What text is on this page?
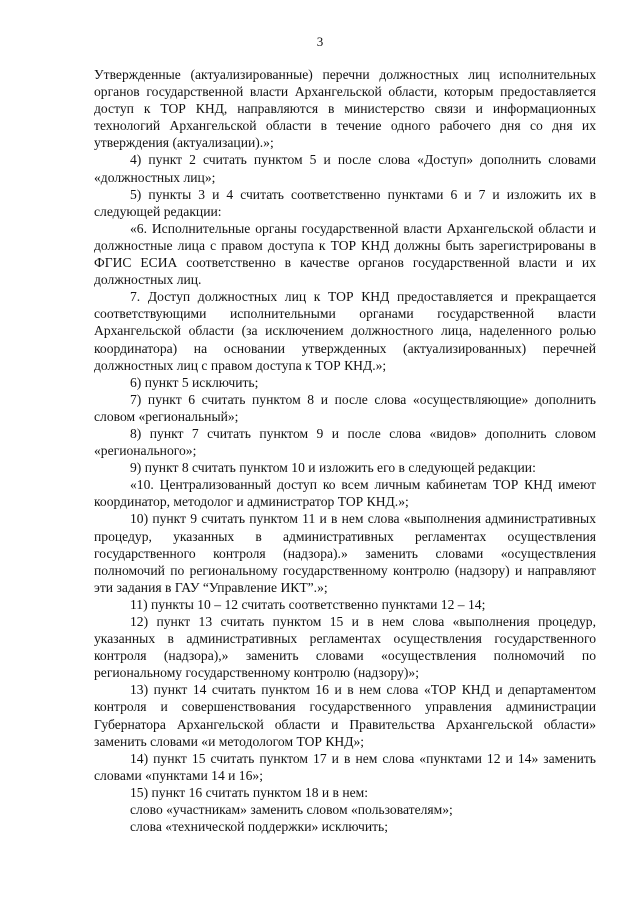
3

Утвержденные (актуализированные) перечни должностных лиц исполнительных органов государственной власти Архангельской области, которым предоставляется доступ к ТОР КНД, направляются в министерство связи и информационных технологий Архангельской области в течение одного рабочего дня со дня их утверждения (актуализации).»;

4) пункт 2 считать пунктом 5 и после слова «Доступ» дополнить словами «должностных лиц»;

5) пункты 3 и 4 считать соответственно пунктами 6 и 7 и изложить их в следующей редакции:

«6. Исполнительные органы государственной власти Архангельской области и должностные лица с правом доступа к ТОР КНД должны быть зарегистрированы в ФГИС ЕСИА соответственно в качестве органов государственной власти и их должностных лиц.

7. Доступ должностных лиц к ТОР КНД предоставляется и прекращается соответствующими исполнительными органами государственной власти Архангельской области (за исключением должностного лица, наделенного ролью координатора) на основании утвержденных (актуализированных) перечней должностных лиц с правом доступа к ТОР КНД.»;

6) пункт 5 исключить;

7) пункт 6 считать пунктом 8 и после слова «осуществляющие» дополнить словом «региональный»;

8) пункт 7 считать пунктом 9 и после слова «видов» дополнить словом «регионального»;

9) пункт 8 считать пунктом 10 и изложить его в следующей редакции:

«10. Централизованный доступ ко всем личным кабинетам ТОР КНД имеют координатор, методолог и администратор ТОР КНД.»;

10) пункт 9 считать пунктом 11 и в нем слова «выполнения административных процедур, указанных в административных регламентах осуществления государственного контроля (надзора).» заменить словами «осуществления полномочий по региональному государственному контролю (надзору) и направляют эти задания в ГАУ “Управление ИКТ”.»;

11) пункты 10 – 12 считать соответственно пунктами 12 – 14;

12) пункт 13 считать пунктом 15 и в нем слова «выполнения процедур, указанных в административных регламентах осуществления государственного контроля (надзора),» заменить словами «осуществления полномочий по региональному государственному контролю (надзору)»;

13) пункт 14 считать пунктом 16 и в нем слова «ТОР КНД и департаментом контроля и совершенствования государственного управления администрации Губернатора Архангельской области и Правительства Архангельской области» заменить словами «и методологом ТОР КНД»;

14) пункт 15 считать пунктом 17 и в нем слова «пунктами 12 и 14» заменить словами «пунктами 14 и 16»;

15) пункт 16 считать пунктом 18 и в нем:

слово «участникам» заменить словом «пользователям»;

слова «технической поддержки» исключить;
